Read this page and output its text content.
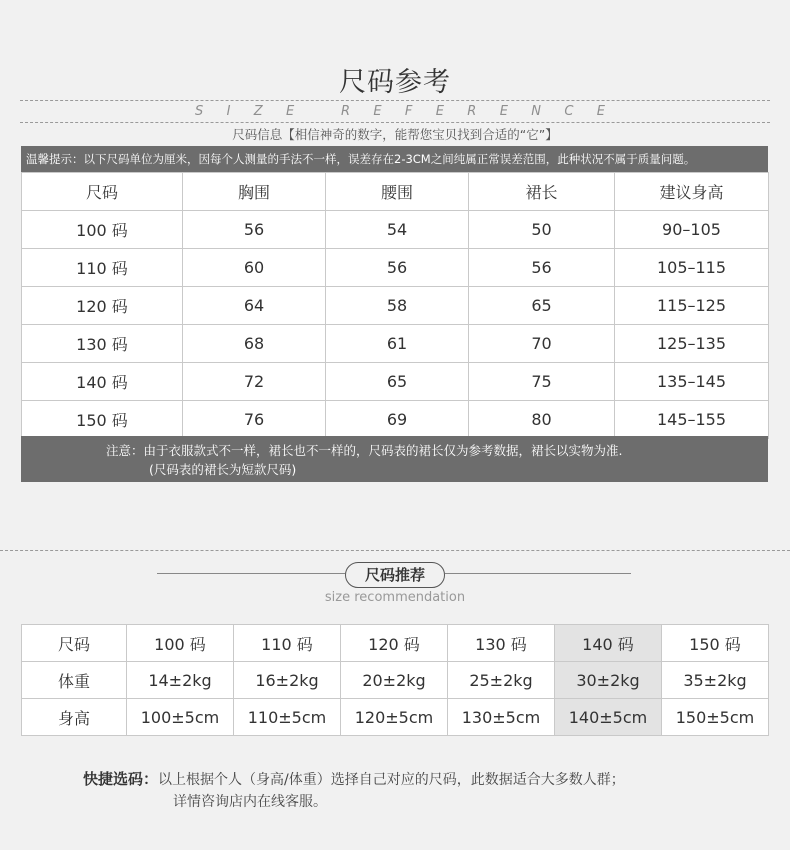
尺码参考
S I Z E	R E F E R E N C E
尺码信息【相信神奇的数字，能帮您宝贝找到合适的“它”】
温馨提示：以下尺码单位为厘米，因每个人测量的手法不一样，误差存在2-3CM之间纯属正常误差范围，此种状况不属于质量问题。
尺码	胸围	腰围	裙长	建议身高
100 码	56	54	50	90–105
110 码	60	56	56	105–115
120 码	64	58	65	115–125
130 码	68	61	70	125–135
140 码	72	65	75	135–145
150 码	76	69	80	145–155
注意：由于衣服款式不一样，裙长也不一样的，尺码表的裙长仅为参考数据，裙长以实物为准.
(尺码表的裙长为短款尺码)
尺码推荐
size recommendation
尺码	100 码	110 码	120 码	130 码	140 码	150 码
体重	14±2kg	16±2kg	20±2kg	25±2kg	30±2kg	35±2kg
身高	100±5cm	110±5cm	120±5cm	130±5cm	140±5cm	150±5cm
快捷选码：以上根据个人（身高/体重）选择自己对应的尺码，此数据适合大多数人群；
详情咨询店内在线客服。
